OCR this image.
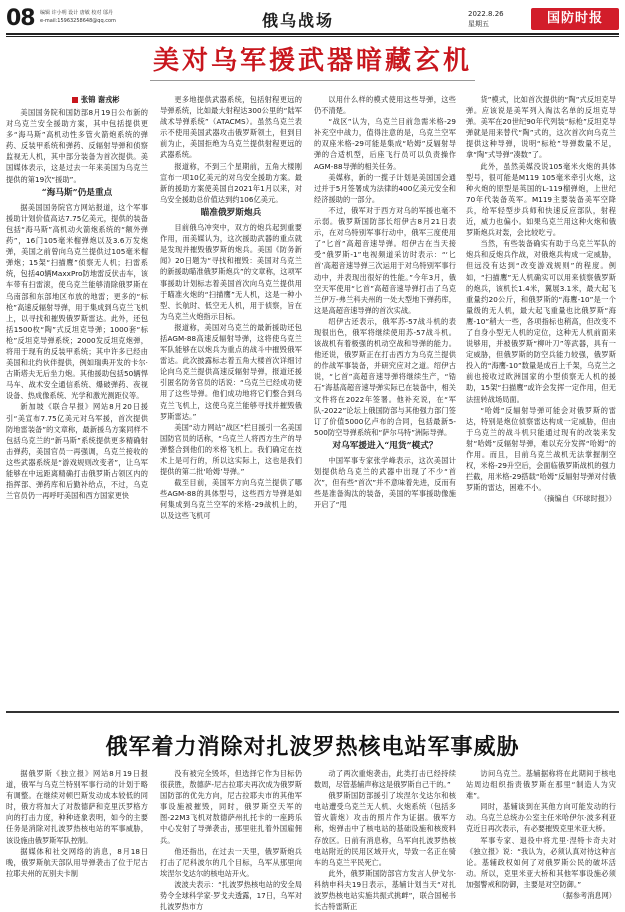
08 编辑 许小明 设计 唐敏 校对 邬丹
e-mail:15963258648@qq.com	俄乌战场	2022.8.26
星期五	国防时报
美对乌军援武器暗藏玄机
张锦 谢戎彬

美国国务院和国防部8月19日公布新的对乌克兰安全援助方案，其中包括提供更多“海马斯”高机动性多管火箭炮系统的弹药、反装甲系统和弹药、反辐射导弹和侦察监视无人机，其中部分装备为首次提供。美国媒体表示，这是过去一年来美国为乌克兰提供的第19次“援助”。

“海马斯”仍是重点

据美国国务院官方网站报道，这个军事援助计划价值高达7.75亿美元，提供的装备包括“海马斯”高机动火箭炮系统的“额外弹药”，16门105毫米榴弹炮以及3.6万发炮弹，美国之前曾向乌克兰提供过105毫米榴弹炮；15架“扫描鹰”侦察无人机；扫雷系统，包括40辆MaxxPro防地雷反伏击车，该车带有扫雷滚，使乌克兰能够清除俄罗斯在乌南部和东部地区布放的地雷；更多的“标枪”高速反辐射导弹，用于集成到乌克兰飞机上，以寻找和摧毁俄罗斯雷达。此外，还包括1500枚“陶”式反坦克导弹；1000套“标枪”反坦克导弹系统；2000发反坦克炮弹，将用于现有的反装甲系统；其中许多已经由美国和北约伙伴提供，例如瑞典开发的卡尔·古斯塔夫无后坐力炮。其他援助包括50辆悍马车、战术安全通信系统、爆破弹药、夜视设备、热成像系统、光学和激光测距仪等。

新加坡《联合早报》网站8月20日援引“美宣布7.75亿美元对乌军援，首次提供防地雷装备”的文章称，最新援乌方案同样不包括乌克兰的“新马斯”系统提供更多精确射击弹药，美国官员一再强调，乌克兰接收的这些武器系统是“游戏规则改变者”，让乌军能够在中远距离精确打击俄罗斯占领区内的指挥部、弹药库和后勤补给点，不过，乌克兰官员仍一再呼吁美国和西方国家更快

更多地提供武器系统，包括射程更远的导弹系统，比如最大射程达300公里的“陆军战术导弹系统”（ATACMS）。虽然乌克兰表示不使用美国武器攻击俄罗斯领土，但到目前为止，美国拒绝为乌克兰提供射程更远的武器系统。

报道称，不到三个星期前，五角大楼刚宣布一项10亿美元的对乌安全援助方案。最新的援助方案使美国自2021年1月以来，对乌安全援助总价值达到约106亿美元。

瞄准俄罗斯炮兵

目前俄乌冲突中，双方的炮兵起到重要作用，而美媒认为，这次援助武器的重点就是发现并摧毁俄罗斯的炮兵。美国《防务新闻》20日题为“寻找和摧毁：美国对乌克兰的新援助瞄准俄罗斯炮兵”的文章称，这项军事援助计划标志着美国首次向乌克兰提供用于瞄准火炮的“扫描鹰”无人机，这是一种小型、长航时、低空无人机，用于侦察，旨在为乌克兰火炮指示目标。

报道称，美国对乌克兰的最新援助还包括AGM-88高速反辐射导弹，这将使乌克兰军队能够在以炮兵为重点的战斗中摧毁俄军雷达。此次披露标志着五角大楼首次详细讨论向乌克兰提供高速反辐射导弹，报道还援引匿名防务官员的话说：“乌克兰已经成功使用了这些导弹。他们成功地将它们整合到乌克兰飞机上，这使乌克兰能够寻找并摧毁俄罗斯雷达。”

美国“动力网站”战区”栏目援引一名美国国防官员的话称，“乌克兰人将西方生产的导弹整合到他们的米格飞机上。我们确定在技术上是可行的，所以这实际上，这也是我们提供的第二批‘哈姆’导弹。”

截至目前，美国军方向乌克兰提供了哪些AGM-88的具体型号，这些西方导弹是如何集成到乌克兰空军的米格-29战机上的，以及这些飞机可

以用什么样的模式使用这些导弹，这些仍不清楚。

“战区”认为，乌克兰目前急需米格-29补充空中战力，值得注意的是，乌克兰空军的双座米格-29可能是集成“哈姆”反辐射导弹的合适机型，后座飞行员可以负责操作AGM-88导弹的相关任务。

美媒称，新的一揽子计划是美国国会通过并于5月签署成为法律的400亿美元安全和经济援助的一部分。

不过，俄军对于西方对乌的军援也毫不示弱。俄罗斯国防部长绍伊古8月21日表示，在对乌特别军事行动中，俄军三度使用了“匕首”高超音速导弹。绍伊古在当天接受“俄罗斯-1”电视频道采访时表示：“‘匕首’高超音速导弹三次运用于对乌特别军事行动中，并表现出很好的性能。”今年3月，俄空天军使用“匕首”高超音速导弹打击了乌克兰伊万-弗兰科夫州的一处大型地下弹药库，这是高超音速导弹的首次实战。

绍伊古还表示，俄军苏-57战斗机的表现很出色，俄军将继续使用苏-57战斗机。该战机有着极强的机动空战和导弹的能力。他还说，俄罗斯正在打击西方为乌克兰提供的作战军事装备，并研究应对之道。绍伊古说，“匕首”高超音速导弹将继续生产，“锆石”海基高超音速导弹实际已在装备中，相关文件将在2022年签署。他补充说，在“军队-2022”论坛上俄国防部与其他强力部门签订了价值5000亿卢布的合同，包括最新5-500防空导弹系统和“萨尔马特”洲际导弹。

对乌军援进入“甩货”模式？

中国军事专家张学峰表示，这次美国计划提供给乌克兰的武器中出现了不少“首次”，但有些“首次”并不意味着先进，反而有些是准备淘汰的装备，美国的军事援助像施开启了“甩

货”模式，比如首次提供的“陶”式反坦克导弹。应该说是美军列入淘汰名单的反坦克导弹。美军在20世纪90年代列装“标枪”反坦克导弹就是用来替代“陶”式的，这次首次向乌克兰提供这种导弹，说明“标枪”导弹数量不足，拿“陶”式导弹“凑数”了。

此外，虽然美媒没说105毫米火炮的具体型号，很可能是M119 105毫米牵引火炮，这种火炮的原型是英国的L-119榴弹炮，上世纪70年代装备英军。M119主要装备美军空降兵，给军轻型步兵师和快速反应部队，射程近，威力也偏小。如果乌克兰用这种火炮和俄罗斯炮兵对轰，会比较吃亏。

当然，有些装备确实有助于乌克兰军队的炮兵和反炮兵作战，对俄炮兵构成一定威胁，但远没有达到“改变游戏规则”的程度。例如，“扫描鹰”无人机确实可以用来侦察俄罗斯的炮兵，该机长1.4米，翼展3.1米，最大起飞重量约20公斤，和俄罗斯的“海鹰-10”是一个量级的无人机，最大起飞重量也比俄罗斯“海鹰-10”稍大一些，各项指标也稍高，但改变不了自身小型无人机的定位，这种无人机前面来说够用，并被俄罗斯“柳叶刀”等武器，具有一定威胁，但俄罗斯的防空兵能力较强，俄罗斯投入的“海鹰-10”数量是成百上千架，乌克兰之前也接收过欧洲国家的小型侦察无人机的援助，15架“扫描鹰”或许会发挥一定作用，但无法扭转战场局面。

“哈姆”反辐射导弹可能会对俄罗斯的雷达，特别是炮位侦察雷达构成一定威胁，但由于乌克兰的战斗机只能通过现有的改装来发射“哈姆”反辐射导弹，难以充分发挥“哈姆”的作用。而且，目前乌克兰战机无法掌握制空权，米格-29升空后，会面临俄罗斯战机的强力拦截，用米格-29搭载“哈姆”反辐射导弹对付俄罗斯的雷达，困难不小。

（摘编自《环球时报》）

俄军着力消除对扎波罗热核电站军事威胁

据俄罗斯《独立报》网站8月19日报道，俄军与乌克兰特别军事行动的计划于略有调整。在继续对顿巴斯发动成本较低的同时，俄方将加大了对敖德萨和克里沃罗格方向的打击力度，种种迹象表明，如今的主要任务是消除对扎波罗热核电站的军事威胁，该设施由俄罗斯军队控制。

据媒体和社交网络的消息，8月18日晚，俄罗斯航天部队用导弹袭击了位于尼古拉耶夫州的瓦别夫卡制

没有被完全毁坏，但选择它作为目标仍很获胜，敖德萨-尼古拉耶夫再次成为俄罗斯国防部的优先方向，尼古拉耶夫市的其他军事设施被摧毁，同时，俄罗斯空天军的图-22M3飞机对敖德萨州扎托卡的一座跨乐中心发射了导弹袭击，那里驻扎着外国雇佣兵。

他还指出，在过去一天里，俄罗斯炮兵打击了尼科波尔的几个目标，乌军从那里向埃涅尔戈达尔的核电站开火。

波波夫表示：“扎波罗热核电站的安全局势令全球科学家·罗戈夫透露，17日，乌军对扎波罗热市方

动了两次重炮袭击，此类打击已经持续数周，尽管基辅声称这是俄罗斯自己干的。”

俄罗斯国防部援引了埃涅尔戈达尔和核电站遭受乌克兰无人机、火炮系统（包括多管火箭炮）攻击的照片作为证据。俄军方称，炮弹击中了核电站的基础设施和核废料存放区。日前有消息称，乌军向扎波罗热核电站附近的民用区域开火，导致一名正在骑车的乌克兰平民死亡。

此外，俄罗斯国防部官方发言人伊戈尔·科纳申科夫19日表示，基辅计划当天“对扎波罗热核电站实施共振式挑衅”，联合国秘书长古特雷斯正

访问乌克兰。基辅据称将在此期间于核电站周边组织指责俄罗斯在那里“制造人为灾难”。

同时，基辅谈到在其他方向可能发动的行动。乌克兰总统办公室主任米哈伊尔·波多利亚克近日再次表示，有必要摧毁克里米亚大桥。

军事专家、退役中将尤里·涅特卡奇夫对《独立报》说：“我认为，必须认真对待这种言论。基辅政权如何了对俄罗斯公民的破坏活动。所以，克里米亚大桥和其他军事设施必须加强警戒和防御，主要是对空防御。”

（据参考消息网）
